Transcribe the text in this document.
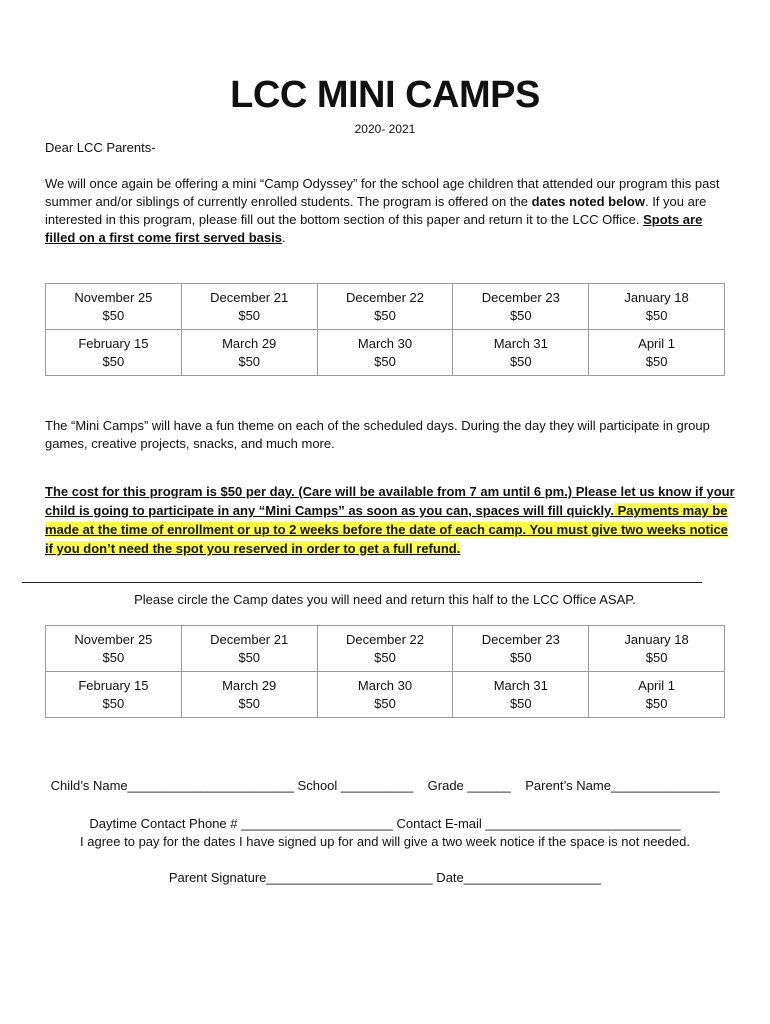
LCC MINI CAMPS
2020- 2021
Dear LCC Parents-
We will once again be offering a mini “Camp Odyssey” for the school age children that attended our program this past summer and/or siblings of currently enrolled students. The program is offered on the dates noted below. If you are interested in this program, please fill out the bottom section of this paper and return it to the LCC Office. Spots are filled on a first come first served basis.
November 25
$50	December 21
$50	December 22
$50	December 23
$50	January 18
$50

February 15
$50	March 29
$50	March 30
$50	March 31
$50	April 1
$50
The “Mini Camps” will have a fun theme on each of the scheduled days. During the day they will participate in group games, creative projects, snacks, and much more.
The cost for this program is $50 per day. (Care will be available from 7 am until 6 pm.) Please let us know if your child is going to participate in any “Mini Camps” as soon as you can, spaces will fill quickly. Payments may be made at the time of enrollment or up to 2 weeks before the date of each camp. You must give two weeks notice if you don’t need the spot you reserved in order to get a full refund.
Please circle the Camp dates you will need and return this half to the LCC Office ASAP.
November 25
$50	December 21
$50	December 22
$50	December 23
$50	January 18
$50

February 15
$50	March 29
$50	March 30
$50	March 31
$50	April 1
$50
Child’s Name_______________________ School __________    Grade ______    Parent’s Name_______________
Daytime Contact Phone # _____________________ Contact E-mail ___________________________
I agree to pay for the dates I have signed up for and will give a two week notice if the space is not needed.
Parent Signature_______________________ Date___________________
